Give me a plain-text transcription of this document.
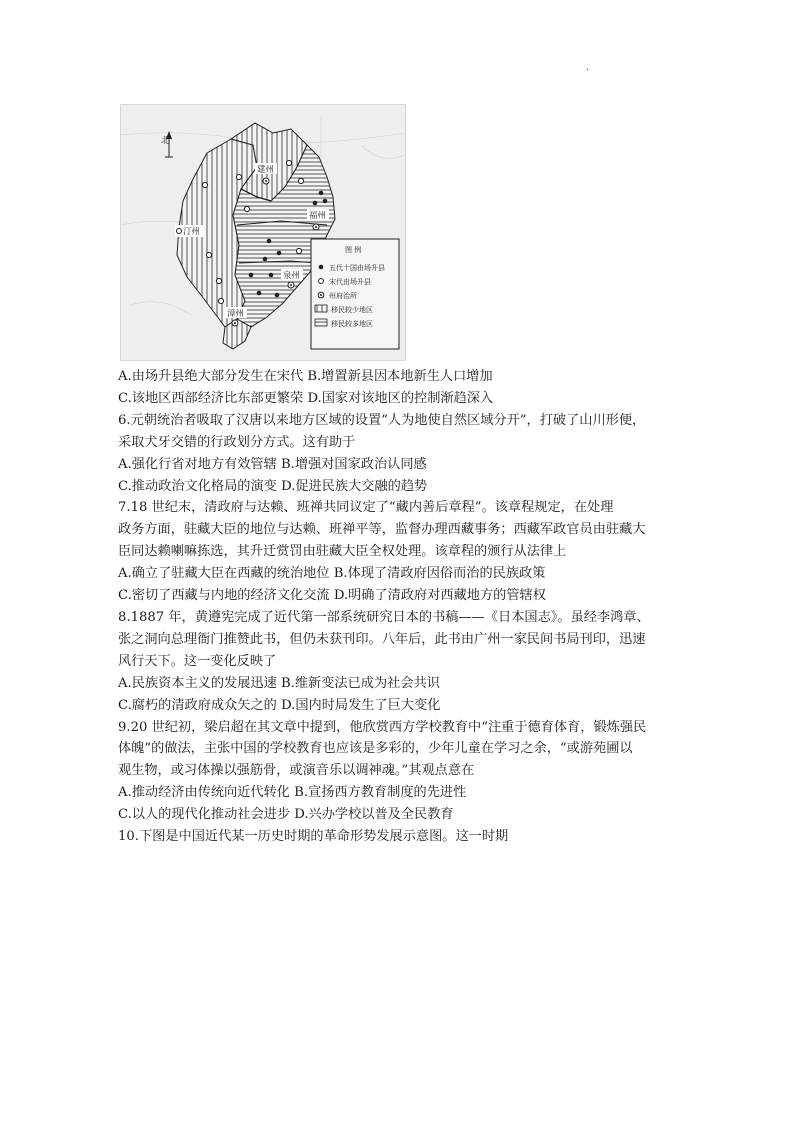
.
北
建州
福州
汀州
泉州
漳州
图 例
五代十国由场升县
宋代由场升县
州府治所
移民较少地区
移民较多地区
A.由场升县绝大部分发生在宋代 B.增置新县因本地新生人口增加
C.该地区西部经济比东部更繁荣 D.国家对该地区的控制渐趋深入
6.元朝统治者吸取了汉唐以来地方区域的设置“人为地使自然区域分开”，打破了山川形便，
采取犬牙交错的行政划分方式。这有助于
A.强化行省对地方有效管辖 B.增强对国家政治认同感
C.推动政治文化格局的演变 D.促进民族大交融的趋势
7.18 世纪末，清政府与达赖、班禅共同议定了“藏内善后章程”。该章程规定，在处理
政务方面，驻藏大臣的地位与达赖、班禅平等，监督办理西藏事务；西藏军政官员由驻藏大
臣同达赖喇嘛拣选，其升迁赏罚由驻藏大臣全权处理。该章程的颁行从法律上
A.确立了驻藏大臣在西藏的统治地位 B.体现了清政府因俗而治的民族政策
C.密切了西藏与内地的经济文化交流 D.明确了清政府对西藏地方的管辖权
8.1887 年，黄遵宪完成了近代第一部系统研究日本的书稿——《日本国志》。虽经李鸿章、
张之洞向总理衙门推赞此书，但仍未获刊印。八年后，此书由广州一家民间书局刊印，迅速
风行天下。这一变化反映了
A.民族资本主义的发展迅速 B.维新变法已成为社会共识
C.腐朽的清政府成众矢之的 D.国内时局发生了巨大变化
9.20 世纪初，梁启超在其文章中提到，他欣赏西方学校教育中“注重于德育体育，锻炼强民
体魄”的做法，主张中国的学校教育也应该是多彩的，少年儿童在学习之余，“或游苑圃以
观生物，或习体操以强筋骨，或演音乐以调神魂。”其观点意在
A.推动经济由传统向近代转化 B.宣扬西方教育制度的先进性
C.以人的现代化推动社会进步 D.兴办学校以普及全民教育
10.下图是中国近代某一历史时期的革命形势发展示意图。这一时期
